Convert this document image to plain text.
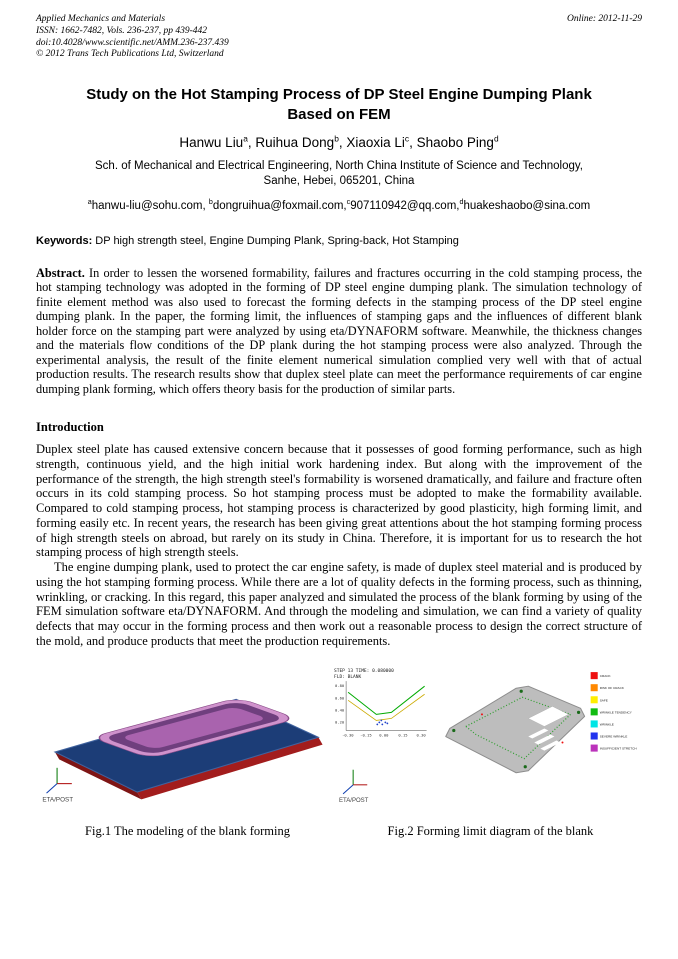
Applied Mechanics and Materials
ISSN: 1662-7482, Vols. 236-237, pp 439-442
doi:10.4028/www.scientific.net/AMM.236-237.439
© 2012 Trans Tech Publications Ltd, Switzerland
Online: 2012-11-29
Study on the Hot Stamping Process of DP Steel Engine Dumping Plank Based on FEM
Hanwu Liu$^a$, Ruihua Dong$^b$, Xiaoxia Li$^c$, Shaobo Ping$^d$
Sch. of Mechanical and Electrical Engineering, North China Institute of Science and Technology,
Sanhe, Hebei, 065201, China
$^a$hanwu-liu@sohu.com, $^b$dongruihua@foxmail.com,$^c$907110942@qq.com,$^d$huakeshaobo@sina.com
Keywords: DP high strength steel, Engine Dumping Plank, Spring-back, Hot Stamping

Abstract. In order to lessen the worsened formability, failures and fractures occurring in the cold stamping process, the hot stamping technology was adopted in the forming of DP steel engine dumping plank. The simulation technology of finite element method was also used to forecast the forming defects in the stamping process of the DP steel engine dumping plank. In the paper, the forming limit, the influences of stamping gaps and the influences of different blank holder force on the stamping part were analyzed by using eta/DYNAFORM software. Meanwhile, the thickness changes and the materials flow conditions of the DP plank during the hot stamping process were also analyzed. Through the experimental analysis, the result of the finite element numerical simulation complied very well with that of actual production results. The research results show that duplex steel plate can meet the performance requirements of car engine dumping plank forming, which offers theory basis for the production of similar parts.

Introduction

Duplex steel plate has caused extensive concern because that it possesses of good forming performance, such as high strength, continuous yield, and the high initial work hardening index. But along with the improvement of the performance of the strength, the high strength steel's formability is worsened dramatically, and failure and fracture often occurs in its cold stamping process. So hot stamping process must be adopted to make the formability available. Compared to cold stamping process, hot stamping process is characterized by good plasticity, high forming limit, and forming easily etc. In recent years, the research has been giving great attentions about the hot stamping forming process of high strength steels on abroad, but rarely on its study in China. Therefore, it is important for us to research the hot stamping process of high strength steels.

The engine dumping plank, used to protect the car engine safety, is made of duplex steel material and is produced by using the hot stamping forming process. While there are a lot of quality defects in the forming process, such as thinning, wrinkling, or cracking. In this regard, this paper analyzed and simulated the process of the blank forming by using of the FEM simulation software eta/DYNAFORM. And through the modeling and simulation, we can find a variety of quality defects that may occur in the forming process and then work out a reasonable process to design the correct structure of the mold, and produce products that meet the production requirements.

ETA/POST
STEP 13 TIME: 0.080000
FLD: BLANK
0.80
0.60
0.40
0.20
-0.30 -0.15 0.00	0.15 0.30
CRACK
RISK OF CRACK
SAFE
WRINKLE TENDENCY
WRINKLE
SEVERE WRINKLE
INSUFFICIENT STRETCH
ETA/POST
Fig.1 The modeling of the blank forming	Fig.2 Forming limit diagram of the blank
